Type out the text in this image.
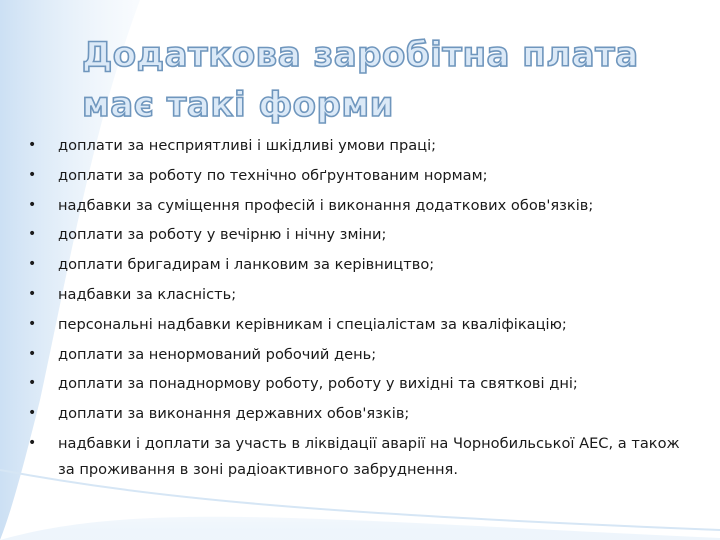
Додаткова заробітна плата має такі форми
• доплати за несприятливі і шкідливі умови праці;
• доплати за роботу по технічно обґрунтованим нормам;
• надбавки за суміщення професій і виконання додаткових обов'язків;
• доплати за роботу у вечірню і нічну зміни;
• доплати бригадирам і ланковим за керівництво;
• надбавки за класність;
• персональні надбавки керівникам і спеціалістам за кваліфікацію;
• доплати за ненормований робочий день;
• доплати за понаднормову роботу, роботу у вихідні та святкові дні;
• доплати за виконання державних обов'язків;
• надбавки і доплати за участь в ліквідації аварії на Чорнобильської АЕС, а також за проживання в зоні радіоактивного забруднення.
